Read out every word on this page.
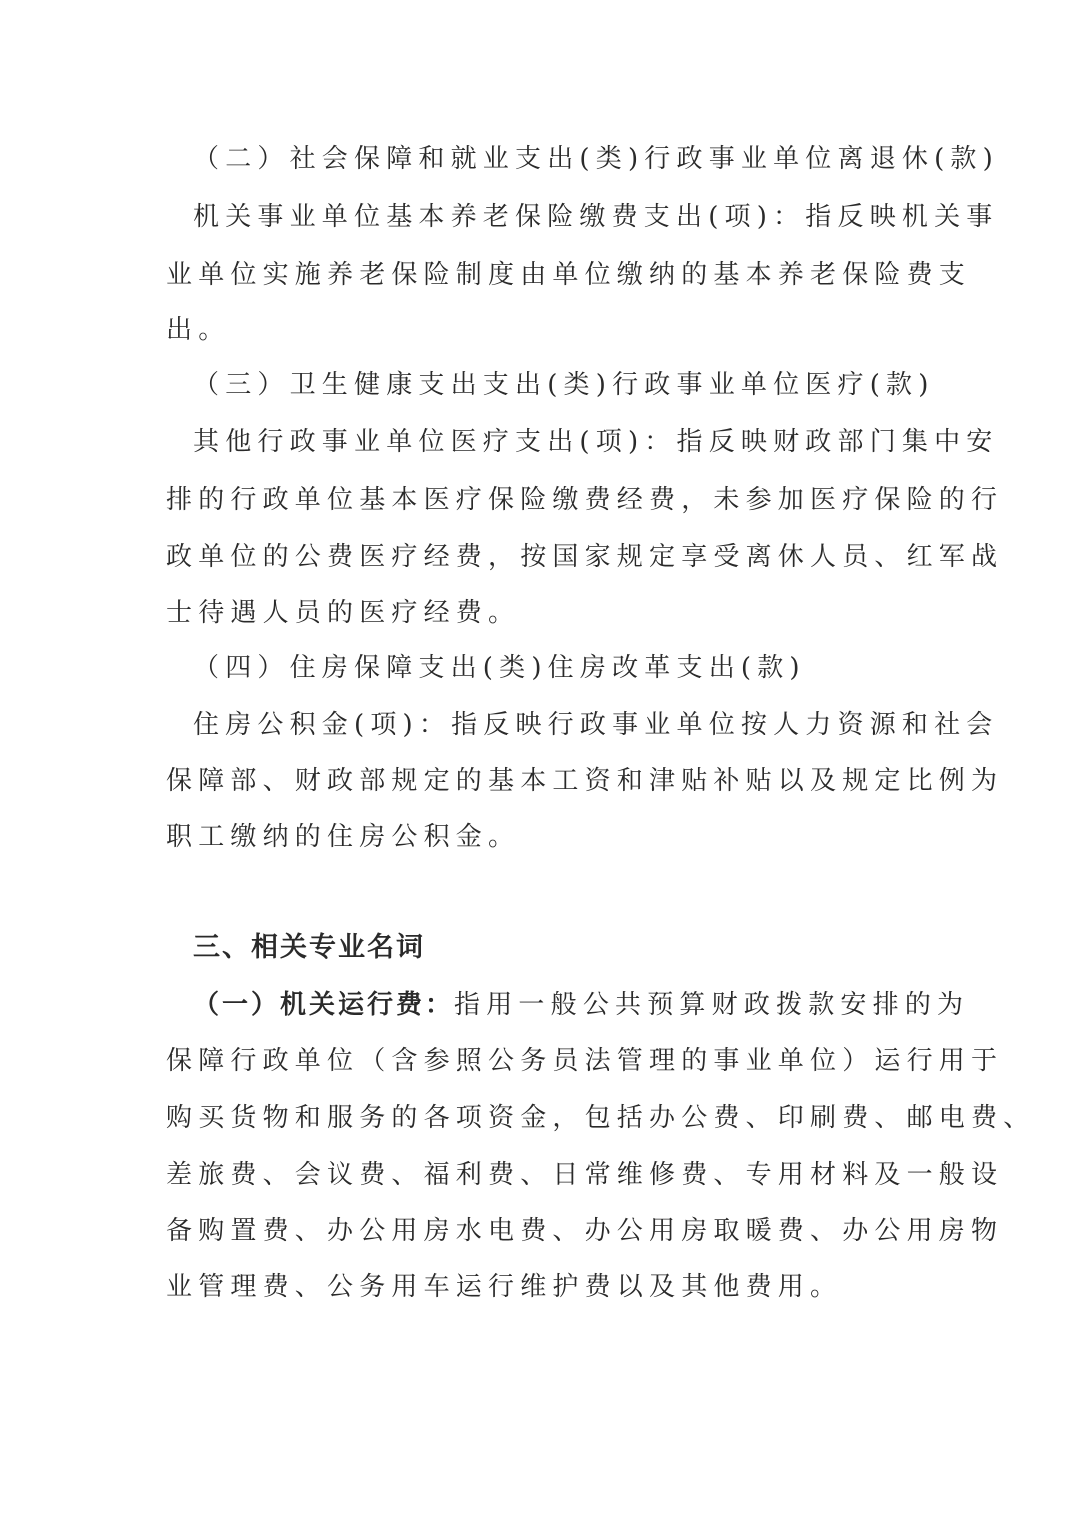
（二）社会保障和就业支出(类)行政事业单位离退休(款)
机关事业单位基本养老保险缴费支出(项)：指反映机关事
业单位实施养老保险制度由单位缴纳的基本养老保险费支
出。
（三）卫生健康支出支出(类)行政事业单位医疗(款)
其他行政事业单位医疗支出(项)：指反映财政部门集中安
排的行政单位基本医疗保险缴费经费，未参加医疗保险的行
政单位的公费医疗经费，按国家规定享受离休人员、红军战
士待遇人员的医疗经费。
（四）住房保障支出(类)住房改革支出(款)
住房公积金(项)：指反映行政事业单位按人力资源和社会
保障部、财政部规定的基本工资和津贴补贴以及规定比例为
职工缴纳的住房公积金。
三、相关专业名词
（一）机关运行费：指用一般公共预算财政拨款安排的为
保障行政单位（含参照公务员法管理的事业单位）运行用于
购买货物和服务的各项资金，包括办公费、印刷费、邮电费、
差旅费、会议费、福利费、日常维修费、专用材料及一般设
备购置费、办公用房水电费、办公用房取暖费、办公用房物
业管理费、公务用车运行维护费以及其他费用。
